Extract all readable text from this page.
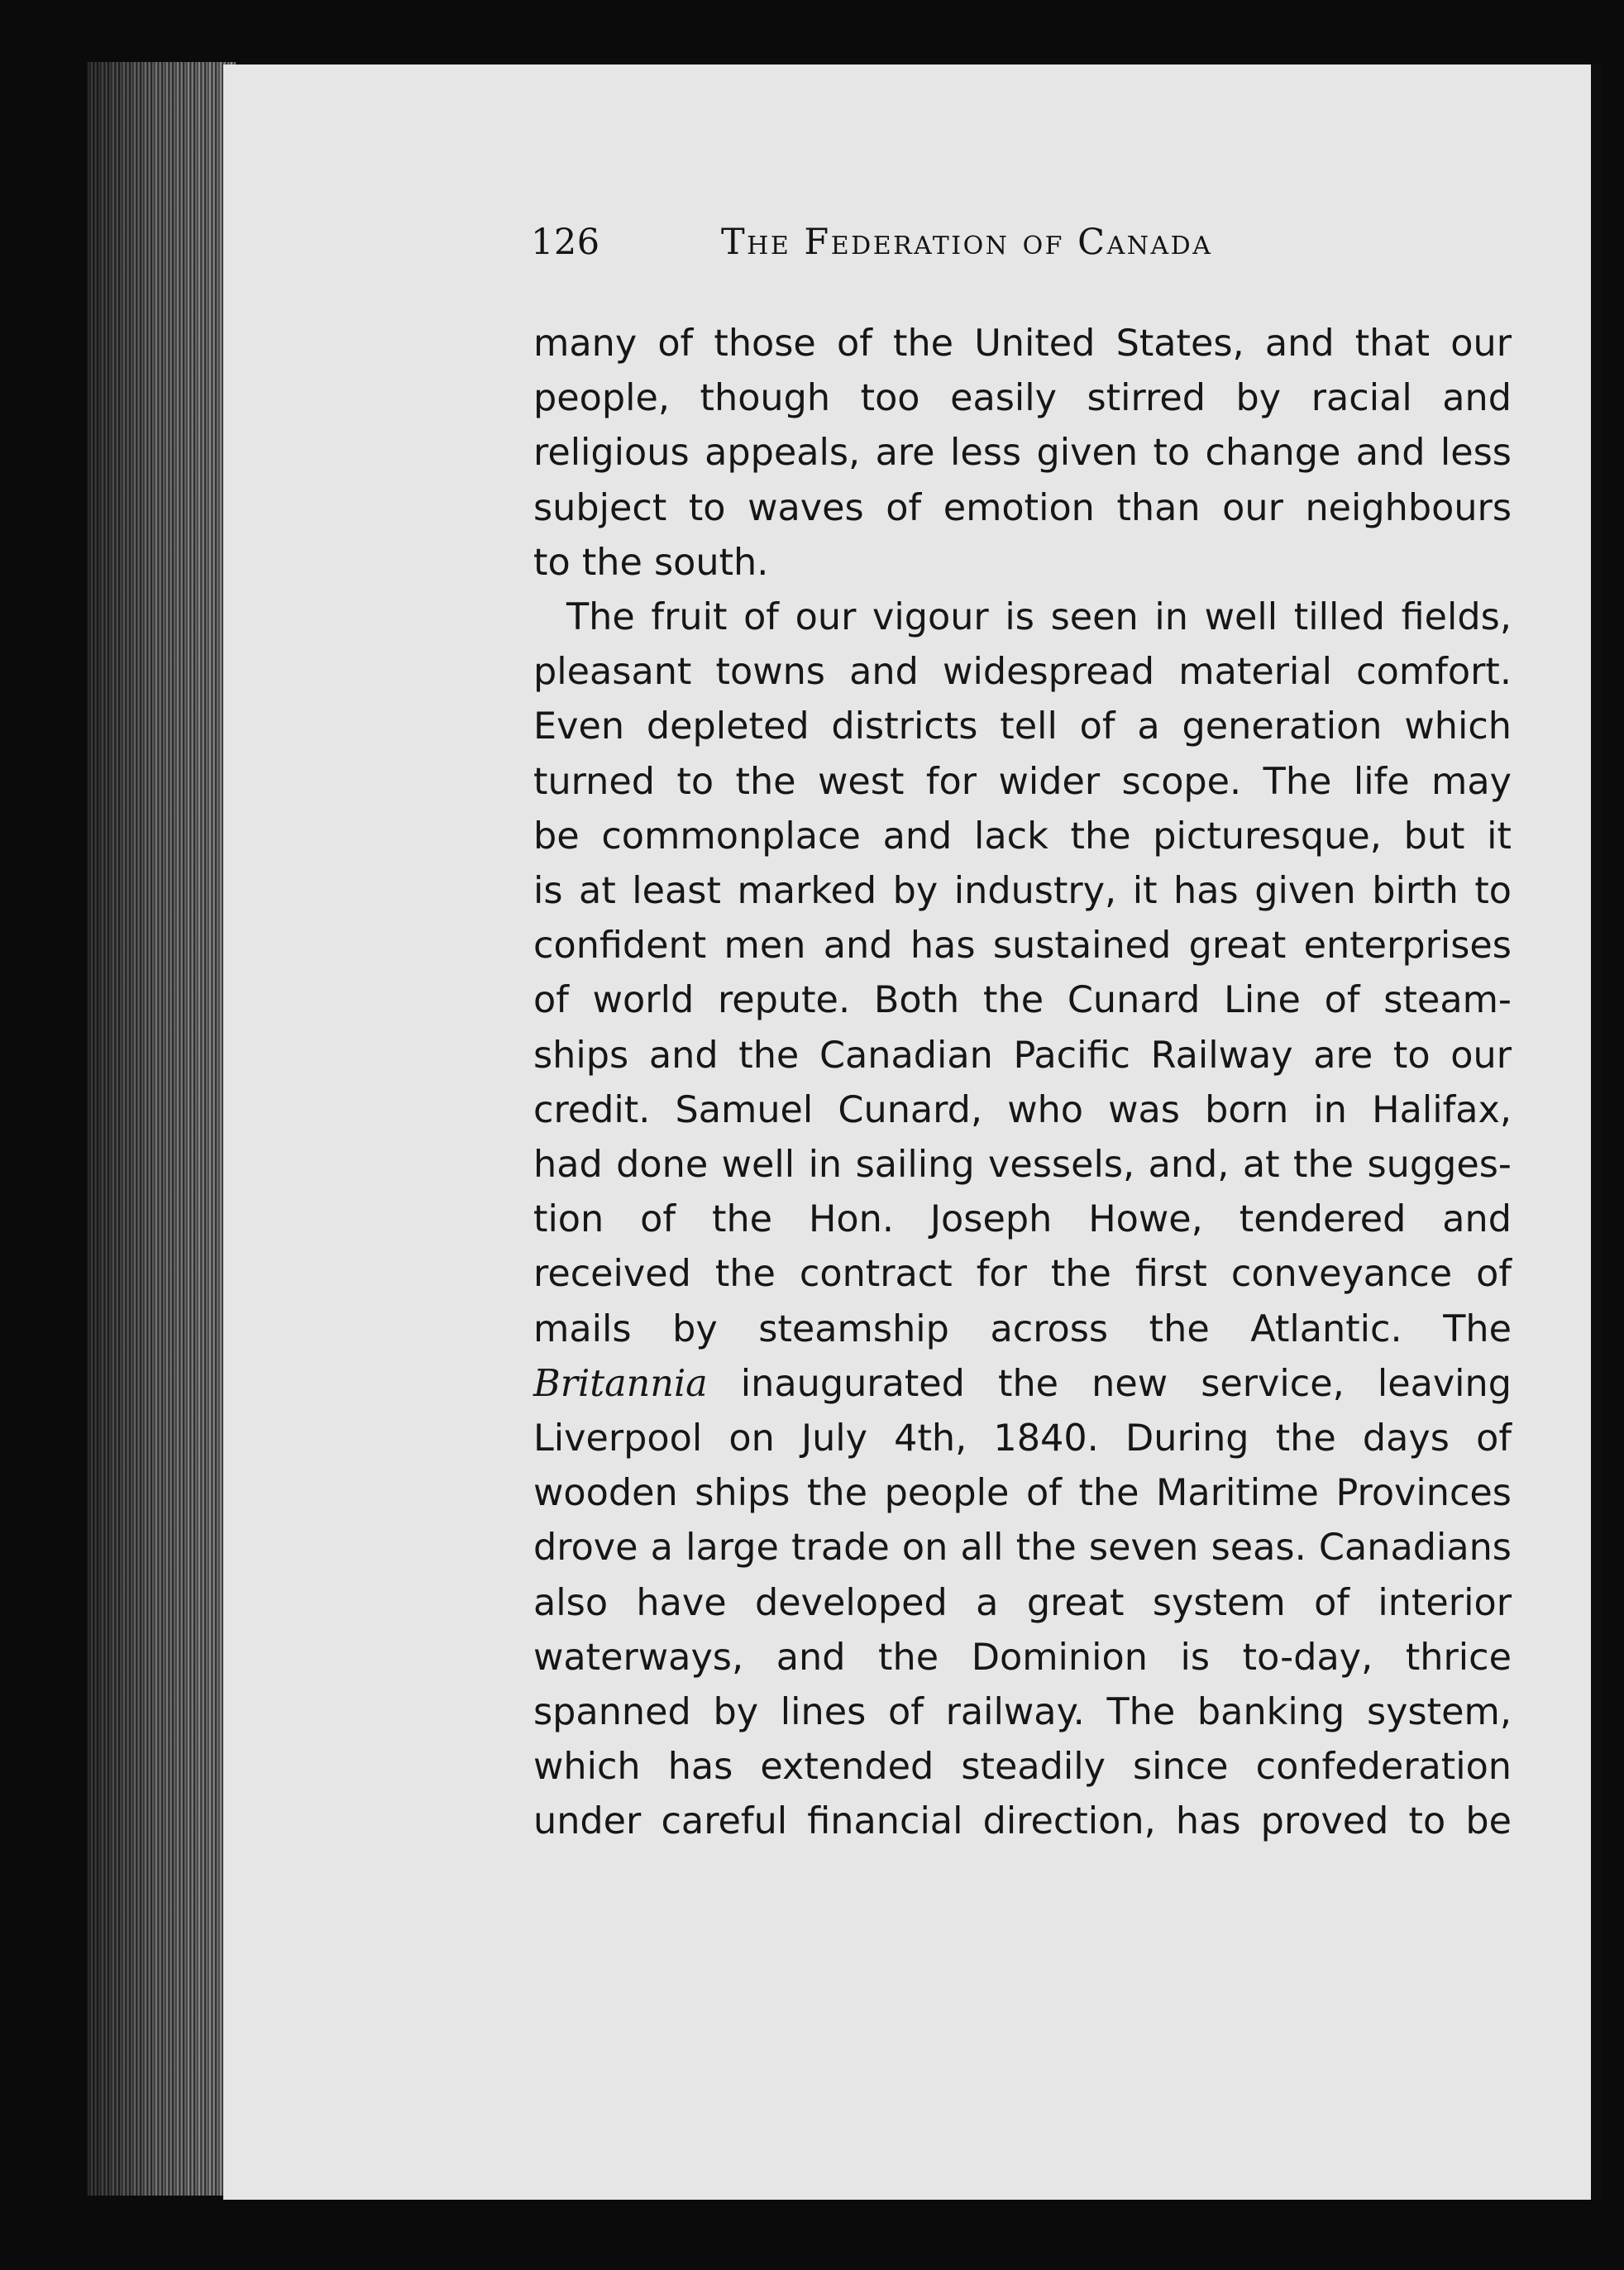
126	The Federation of Canada
many of those of the United States, and that our
people, though too easily stirred by racial and
religious appeals, are less given to change and less
subject to waves of emotion than our neighbours
to the south.
The fruit of our vigour is seen in well tilled fields,
pleasant towns and widespread material comfort.
Even depleted districts tell of a generation which
turned to the west for wider scope. The life may
be commonplace and lack the picturesque, but it
is at least marked by industry, it has given birth to
confident men and has sustained great enterprises
of world repute. Both the Cunard Line of steam-
ships and the Canadian Pacific Railway are to our
credit. Samuel Cunard, who was born in Halifax,
had done well in sailing vessels, and, at the sugges-
tion of the Hon. Joseph Howe, tendered and
received the contract for the first conveyance of
mails by steamship across the Atlantic. The
Britannia inaugurated the new service, leaving
Liverpool on July 4th, 1840. During the days of
wooden ships the people of the Maritime Provinces
drove a large trade on all the seven seas. Canadians
also have developed a great system of interior
waterways, and the Dominion is to-day, thrice
spanned by lines of railway. The banking system,
which has extended steadily since confederation
under careful financial direction, has proved to be
